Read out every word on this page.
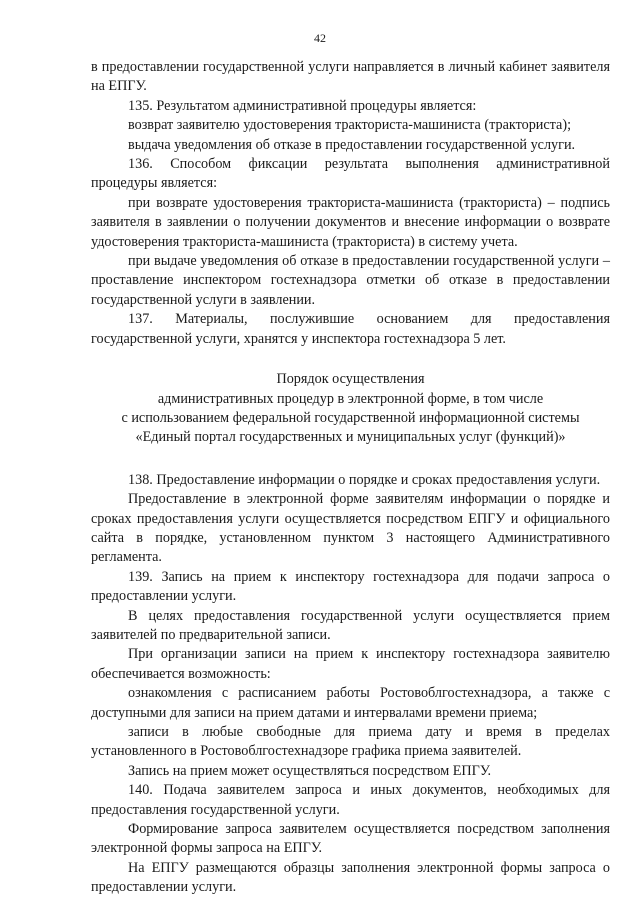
42

в предоставлении государственной услуги направляется в личный кабинет заявителя на ЕПГУ.

135. Результатом административной процедуры является:

возврат заявителю удостоверения тракториста-машиниста (тракториста);

выдача уведомления об отказе в предоставлении государственной услуги.

136. Способом фиксации результата выполнения административной процедуры является:

при возврате удостоверения тракториста-машиниста (тракториста) – подпись заявителя в заявлении о получении документов и внесение информации о возврате удостоверения тракториста-машиниста (тракториста) в систему учета.

при выдаче уведомления об отказе в предоставлении государственной услуги – проставление инспектором гостехнадзора отметки об отказе в предоставлении государственной услуги в заявлении.

137. Материалы, послужившие основанием для предоставления государственной услуги, хранятся у инспектора гостехнадзора 5 лет.

Порядок осуществления
административных процедур в электронной форме, в том числе
с использованием федеральной государственной информационной системы
«Единый портал государственных и муниципальных услуг (функций)»

138. Предоставление информации о порядке и сроках предоставления услуги.

Предоставление в электронной форме заявителям информации о порядке и сроках предоставления услуги осуществляется посредством ЕПГУ и официального сайта в порядке, установленном пунктом 3 настоящего Административного регламента.

139. Запись на прием к инспектору гостехнадзора для подачи запроса о предоставлении услуги.

В целях предоставления государственной услуги осуществляется прием заявителей по предварительной записи.

При организации записи на прием к инспектору гостехнадзора заявителю обеспечивается возможность:

ознакомления с расписанием работы Ростовоблгостехнадзора, а также с доступными для записи на прием датами и интервалами времени приема;

записи в любые свободные для приема дату и время в пределах установленного в Ростовоблгостехнадзоре графика приема заявителей.

Запись на прием может осуществляться посредством ЕПГУ.

140. Подача заявителем запроса и иных документов, необходимых для предоставления государственной услуги.

Формирование запроса заявителем осуществляется посредством заполнения электронной формы запроса на ЕПГУ.

На ЕПГУ размещаются образцы заполнения электронной формы запроса о предоставлении услуги.
